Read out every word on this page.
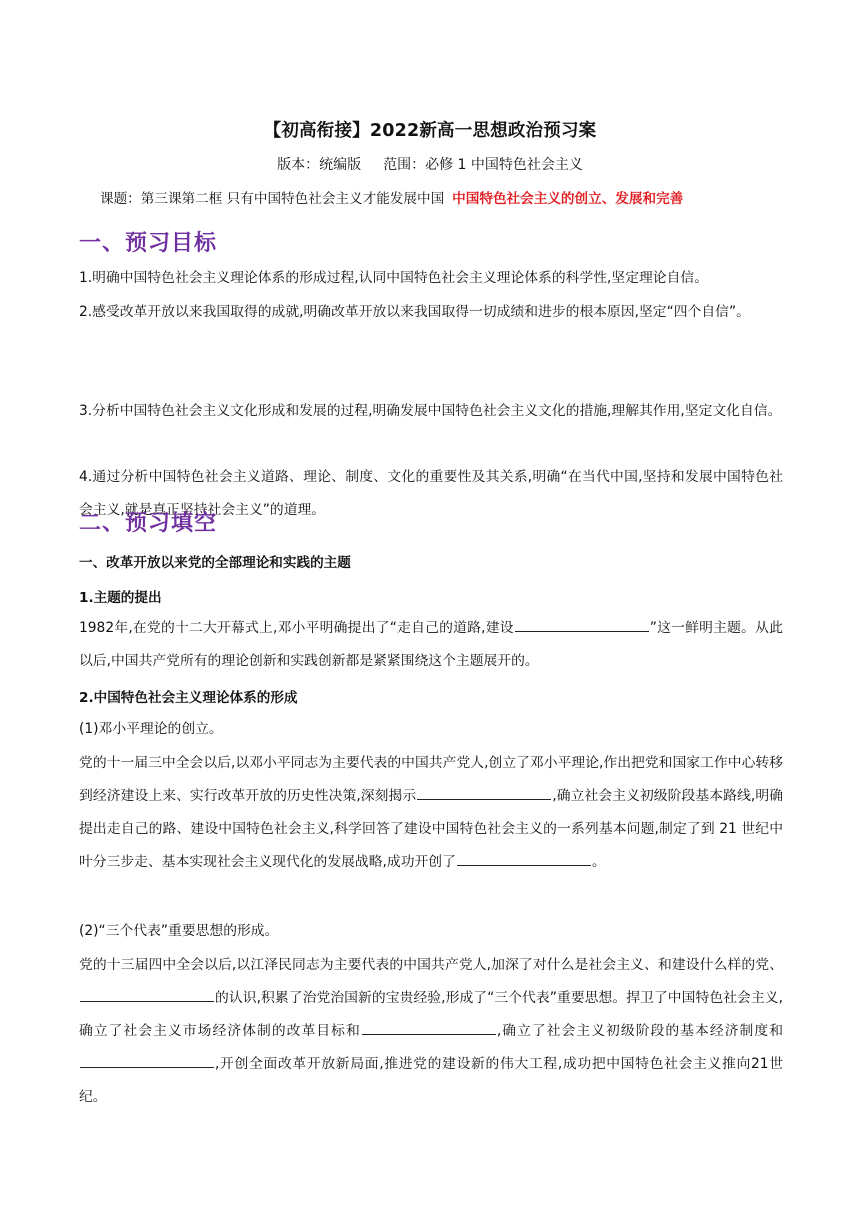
【初高衔接】2022新高一思想政治预习案
版本：统编版 范围：必修 1 中国特色社会主义
课题：第三课第二框 只有中国特色社会主义才能发展中国 中国特色社会主义的创立、发展和完善
一、预习目标
1.明确中国特色社会主义理论体系的形成过程,认同中国特色社会主义理论体系的科学性,坚定理论自信。
2.感受改革开放以来我国取得的成就,明确改革开放以来我国取得一切成绩和进步的根本原因,坚定“四个自信”。
3.分析中国特色社会主义文化形成和发展的过程,明确发展中国特色社会主义文化的措施,理解其作用,坚定文化自信。
4.通过分析中国特色社会主义道路、理论、制度、文化的重要性及其关系,明确“在当代中国,坚持和发展中国特色社会主义,就是真正坚持社会主义”的道理。
二、预习填空
一、改革开放以来党的全部理论和实践的主题
1.主题的提出
1982年,在党的十二大开幕式上,邓小平明确提出了“走自己的道路,建设	”这一鲜明主题。从此以后,中国共产党所有的理论创新和实践创新都是紧紧围绕这个主题展开的。
2.中国特色社会主义理论体系的形成
(1)邓小平理论的创立。
党的十一届三中全会以后,以邓小平同志为主要代表的中国共产党人,创立了邓小平理论,作出把党和国家工作中心转移到经济建设上来、实行改革开放的历史性决策,深刻揭示	,确立社会主义初级阶段基本路线,明确提出走自己的路、建设中国特色社会主义,科学回答了建设中国特色社会主义的一系列基本问题,制定了到 21 世纪中叶分三步走、基本实现社会主义现代化的发展战略,成功开创了	。
(2)“三个代表”重要思想的形成。
党的十三届四中全会以后,以江泽民同志为主要代表的中国共产党人,加深了对什么是社会主义、和建设什么样的党、的认识,积累了治党治国新的宝贵经验,形成了“三个代表”重要思想。捍卫了中国特色社会主义,确立了社会主义市场经济体制的改革目标和	,确立了社会主义初级阶段的基本经济制度和,开创全面改革开放新局面,推进党的建设新的伟大工程,成功把中国特色社会主义推向21世纪。
